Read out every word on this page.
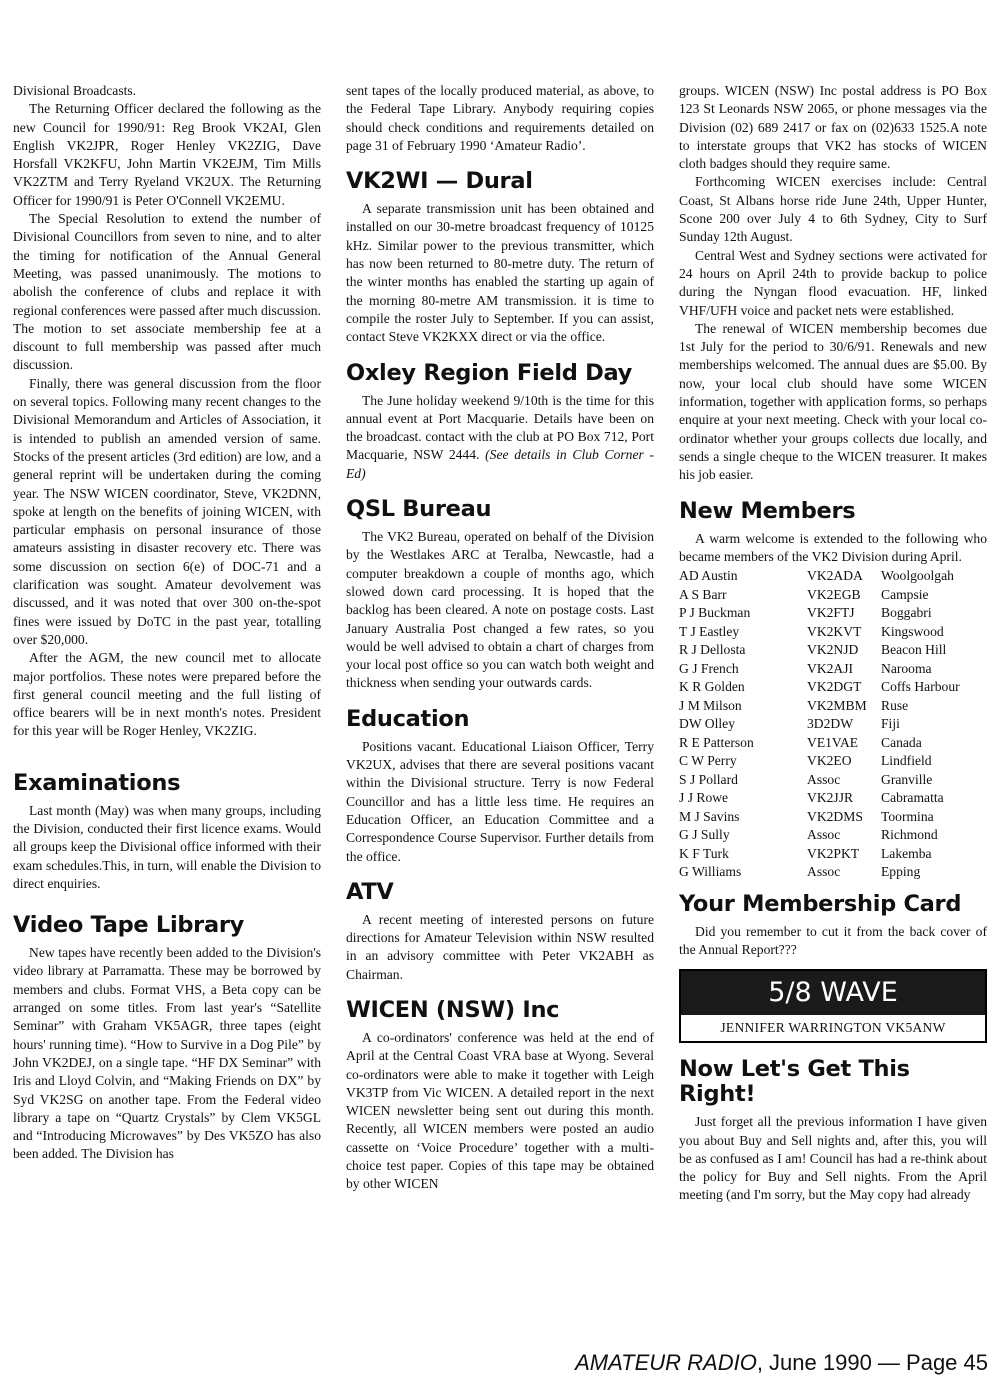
Divisional Broadcasts.

The Returning Officer declared the following as the new Council for 1990/91: Reg Brook VK2AI, Glen English VK2JPR, Roger Henley VK2ZIG, Dave Horsfall VK2KFU, John Martin VK2EJM, Tim Mills VK2ZTM and Terry Ryeland VK2UX. The Returning Officer for 1990/91 is Peter O'Connell VK2EMU.

The Special Resolution to extend the number of Divisional Councillors from seven to nine, and to alter the timing for notification of the Annual General Meeting, was passed unanimously. The motions to abolish the conference of clubs and replace it with regional conferences were passed after much discussion. The motion to set associate membership fee at a discount to full membership was passed after much discussion.

Finally, there was general discussion from the floor on several topics. Following many recent changes to the Divisional Memorandum and Articles of Association, it is intended to publish an amended version of same. Stocks of the present articles (3rd edition) are low, and a general reprint will be undertaken during the coming year. The NSW WICEN coordinator, Steve, VK2DNN, spoke at length on the benefits of joining WICEN, with particular emphasis on personal insurance of those amateurs assisting in disaster recovery etc. There was some discussion on section 6(e) of DOC-71 and a clarification was sought. Amateur devolvement was discussed, and it was noted that over 300 on-the-spot fines were issued by DoTC in the past year, totalling over $20,000.

After the AGM, the new council met to allocate major portfolios. These notes were prepared before the first general council meeting and the full listing of office bearers will be in next month's notes. President for this year will be Roger Henley, VK2ZIG.

Examinations

Last month (May) was when many groups, including the Division, conducted their first licence exams. Would all groups keep the Divisional office informed with their exam schedules.This, in turn, will enable the Division to direct enquiries.

Video Tape Library

New tapes have recently been added to the Division's video library at Parramatta. These may be borrowed by members and clubs. Format VHS, a Beta copy can be arranged on some titles. From last year's “Satellite Seminar” with Graham VK5AGR, three tapes (eight hours' running time). “How to Survive in a Dog Pile” by John VK2DEJ, on a single tape. “HF DX Seminar” with Iris and Lloyd Colvin, and “Making Friends on DX” by Syd VK2SG on another tape. From the Federal video library a tape on “Quartz Crystals” by Clem VK5GL and “Introducing Microwaves” by Des VK5ZO has also been added. The Division has

sent tapes of the locally produced material, as above, to the Federal Tape Library. Anybody requiring copies should check conditions and requirements detailed on page 31 of February 1990 ‘Amateur Radio’.

VK2WI — Dural

A separate transmission unit has been obtained and installed on our 30-metre broadcast frequency of 10125 kHz. Similar power to the previous transmitter, which has now been returned to 80-metre duty. The return of the winter months has enabled the starting up again of the morning 80-metre AM transmission. it is time to compile the roster July to September. If you can assist, contact Steve VK2KXX direct or via the office.

Oxley Region Field Day

The June holiday weekend 9/10th is the time for this annual event at Port Macquarie. Details have been on the broadcast. contact with the club at PO Box 712, Port Macquarie, NSW 2444. (See details in Club Corner - Ed)

QSL Bureau

The VK2 Bureau, operated on behalf of the Division by the Westlakes ARC at Teralba, Newcastle, had a computer breakdown a couple of months ago, which slowed down card processing. It is hoped that the backlog has been cleared. A note on postage costs. Last January Australia Post changed a few rates, so you would be well advised to obtain a chart of charges from your local post office so you can watch both weight and thickness when sending your outwards cards.

Education

Positions vacant. Educational Liaison Officer, Terry VK2UX, advises that there are several positions vacant within the Divisional structure. Terry is now Federal Councillor and has a little less time. He requires an Education Officer, an Education Committee and a Correspondence Course Supervisor. Further details from the office.

ATV

A recent meeting of interested persons on future directions for Amateur Television within NSW resulted in an advisory committee with Peter VK2ABH as Chairman.

WICEN (NSW) Inc

A co-ordinators' conference was held at the end of April at the Central Coast VRA base at Wyong. Several co-ordinators were able to make it together with Leigh VK3TP from Vic WICEN. A detailed report in the next WICEN newsletter being sent out during this month. Recently, all WICEN members were posted an audio cassette on ‘Voice Procedure’ together with a multi-choice test paper. Copies of this tape may be obtained by other WICEN

groups. WICEN (NSW) Inc postal address is PO Box 123 St Leonards NSW 2065, or phone messages via the Division (02) 689 2417 or fax on (02)633 1525.A note to interstate groups that VK2 has stocks of WICEN cloth badges should they require same.

Forthcoming WICEN exercises include: Central Coast, St Albans horse ride June 24th, Upper Hunter, Scone 200 over July 4 to 6th Sydney, City to Surf Sunday 12th August.

Central West and Sydney sections were activated for 24 hours on April 24th to provide backup to police during the Nyngan flood evacuation. HF, linked VHF/UFH voice and packet nets were established.

The renewal of WICEN membership becomes due 1st July for the period to 30/6/91. Renewals and new memberships welcomed. The annual dues are $5.00. By now, your local club should have some WICEN information, together with application forms, so perhaps enquire at your next meeting. Check with your local co-ordinator whether your groups collects due locally, and sends a single cheque to the WICEN treasurer. It makes his job easier.

New Members

A warm welcome is extended to the following who became members of the VK2 Division during April.

AD Austin	VK2ADA	Woolgoolgah
A S Barr	VK2EGB	Campsie
P J Buckman	VK2FTJ	Boggabri
T J Eastley	VK2KVT	Kingswood
R J Dellosta	VK2NJD	Beacon Hill
G J French	VK2AJI	Narooma
K R Golden	VK2DGT	Coffs Harbour
J M Milson	VK2MBM	Ruse
DW Olley	3D2DW	Fiji
R E Patterson	VE1VAE	Canada
C W Perry	VK2EO	Lindfield
S J Pollard	Assoc	Granville
J J Rowe	VK2JJR	Cabramatta
M J Savins	VK2DMS	Toormina
G J Sully	Assoc	Richmond
K F Turk	VK2PKT	Lakemba
G Williams	Assoc	Epping
Your Membership Card

Did you remember to cut it from the back cover of the Annual Report???

5/8 WAVE
JENNIFER WARRINGTON VK5ANW
Now Let's Get This Right!

Just forget all the previous information I have given you about Buy and Sell nights and, after this, you will be as confused as I am! Council has had a re-think about the policy for Buy and Sell nights. From the April meeting (and I'm sorry, but the May copy had already

AMATEUR RADIO, June 1990 — Page 45
